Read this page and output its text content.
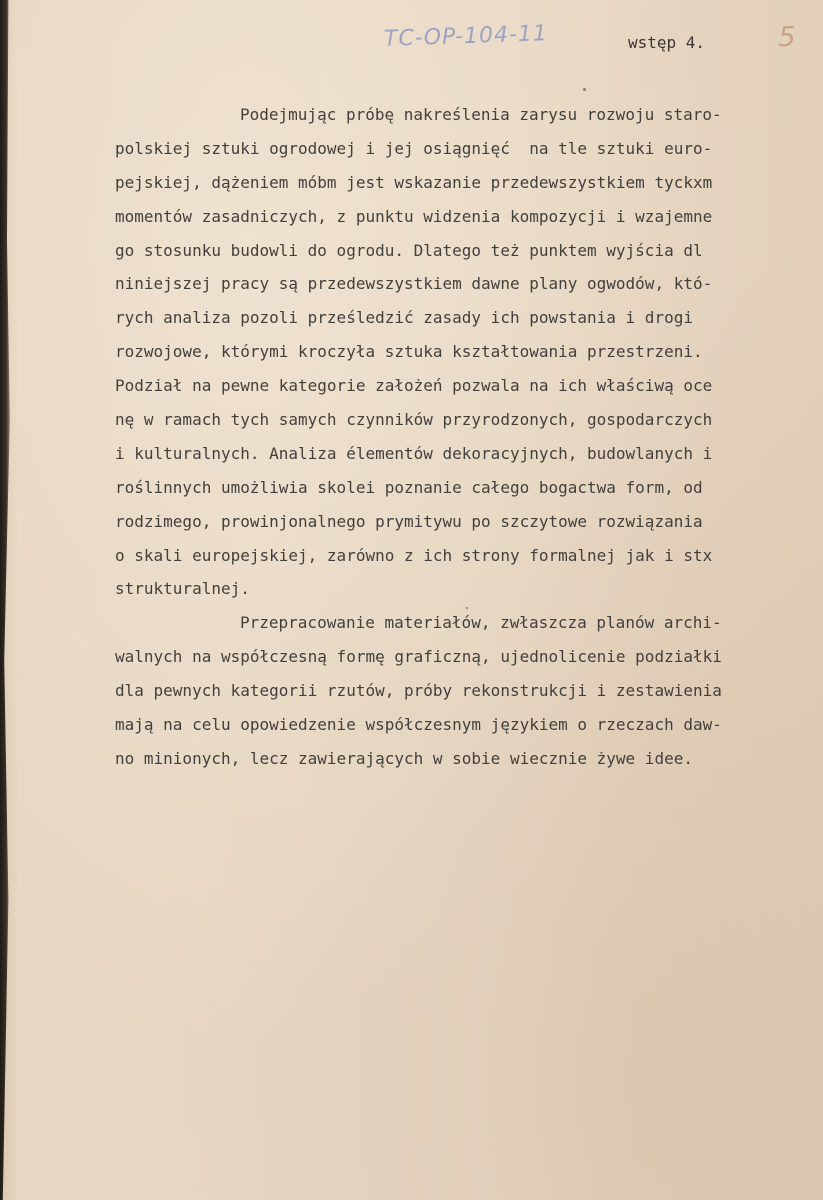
TC-OP-104-11	wstęp 4.	5
Podejmując próbę nakreślenia zarysu rozwoju staro-
polskiej sztuki ogrodowej i jej osiągnięć  na tle sztuki euro-
pejskiej, dążeniem mόbm jest wskazanie przedewszystkiem tyckxm
momentów zasadniczych, z punktu widzenia kompozycji i wzajemne
go stosunku budowli do ogrodu. Dlatego też punktem wyjścia dl
niniejszej pracy są przedewszystkiem dawne plany ogwodów, któ-
rych analiza pozoli prześledzić zasady ich powstania i drogi
rozwojowe, którymi kroczyła sztuka kształtowania przestrzeni.
Podział na pewne kategorie założeń pozwala na ich właściwą oce
nę w ramach tych samych czynników przyrodzonych, gospodarczych
i kulturalnych. Analiza élementów dekoracyjnych, budowlanych i
roślinnych umożliwia skolei poznanie całego bogactwa form, od
rodzimego, prowinjonalnego prymitywu po szczytowe rozwiązania
o skali europejskiej, zarówno z ich strony formalnej jak i stx
strukturalnej.
Przepracowanie materiałów, zwłaszcza planów archi-
walnych na współczesną formę graficzną, ujednolicenie podziałki
dla pewnych kategorii rzutów, próby rekonstrukcji i zestawienia
mają na celu opowiedzenie współczesnym językiem o rzeczach daw-
no minionych, lecz zawierających w sobie wiecznie żywe idee.
